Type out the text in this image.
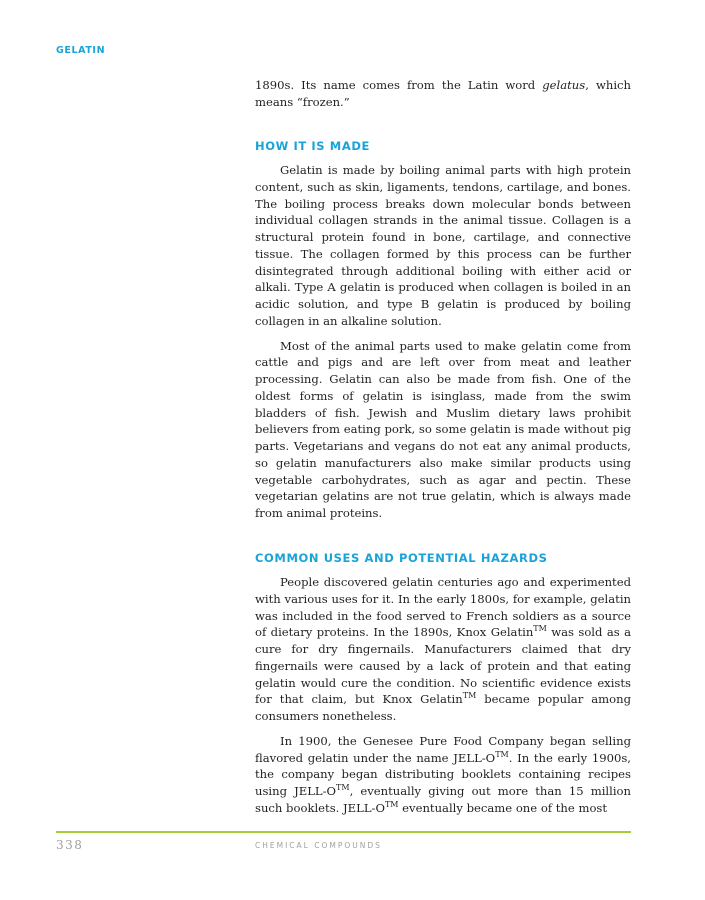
GELATIN

1890s. Its name comes from the Latin word gelatus, which means “frozen.”

HOW IT IS MADE

Gelatin is made by boiling animal parts with high protein content, such as skin, ligaments, tendons, cartilage, and bones. The boiling process breaks down molecular bonds between individual collagen strands in the animal tissue. Collagen is a structural protein found in bone, cartilage, and connective tissue. The collagen formed by this process can be further disintegrated through additional boiling with either acid or alkali. Type A gelatin is produced when collagen is boiled in an acidic solution, and type B gelatin is produced by boiling collagen in an alkaline solution.

Most of the animal parts used to make gelatin come from cattle and pigs and are left over from meat and leather processing. Gelatin can also be made from fish. One of the oldest forms of gelatin is isinglass, made from the swim bladders of fish. Jewish and Muslim dietary laws prohibit believers from eating pork, so some gelatin is made without pig parts. Vegetarians and vegans do not eat any animal products, so gelatin manufacturers also make similar products using vegetable carbohydrates, such as agar and pectin. These vegetarian gelatins are not true gelatin, which is always made from animal proteins.

COMMON USES AND POTENTIAL HAZARDS

People discovered gelatin centuries ago and experimented with various uses for it. In the early 1800s, for example, gelatin was included in the food served to French soldiers as a source of dietary proteins. In the 1890s, Knox Gelatin™ was sold as a cure for dry fingernails. Manufacturers claimed that dry fingernails were caused by a lack of protein and that eating gelatin would cure the condition. No scientific evidence exists for that claim, but Knox Gelatin™ became popular among consumers nonetheless.

In 1900, the Genesee Pure Food Company began selling flavored gelatin under the name JELL-O™. In the early 1900s, the company began distributing booklets containing recipes using JELL-O™, eventually giving out more than 15 million such booklets. JELL-O™ eventually became one of the most

338	CHEMICAL COMPOUNDS
